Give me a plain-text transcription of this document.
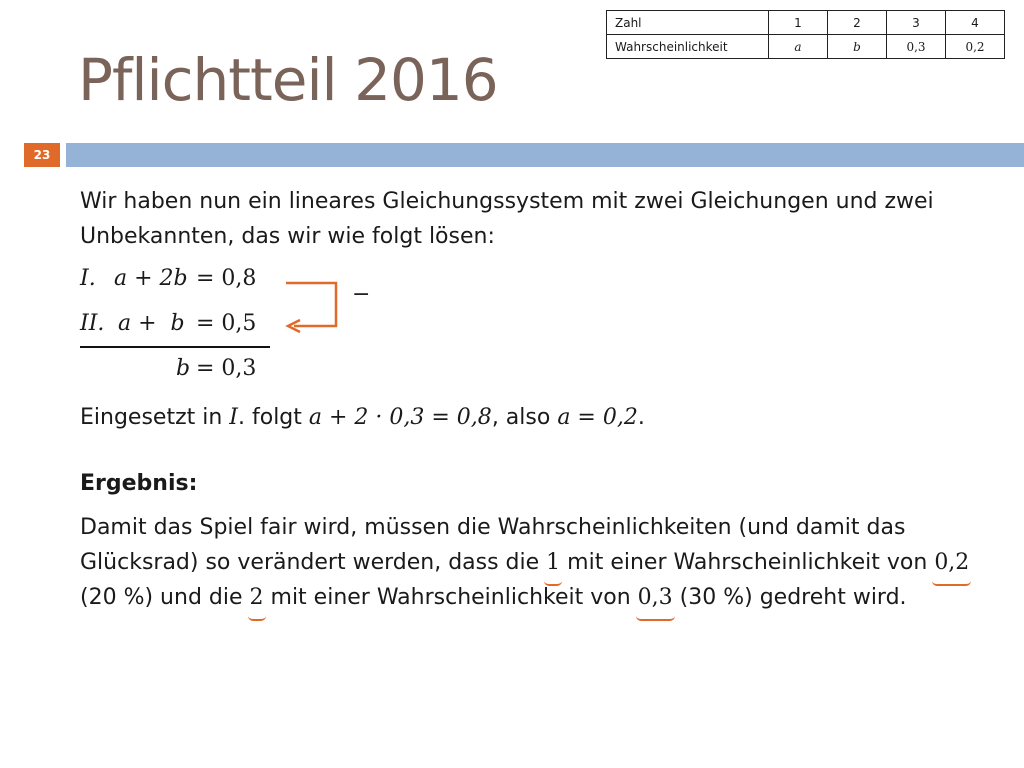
Pflichtteil 2016
Zahl	1	2	3	4
Wahrscheinlichkeit	a	b	0,3	0,2
23
Wir haben nun ein lineares Gleichungssystem mit zwei Gleichungen und zwei Unbekannten, das wir wie folgt lösen:
I. a + 2b = 0,8
II. a +  b = 0,5
b = 0,3
−
Eingesetzt in I. folgt a + 2 · 0,3 = 0,8, also a = 0,2.
Ergebnis:
Damit das Spiel fair wird, müssen die Wahrscheinlichkeiten (und damit das Glücksrad) so verändert werden, dass die 1 mit einer Wahrscheinlichkeit von 0,2 (20 %) und die 2 mit einer Wahrscheinlichkeit von 0,3 (30 %) gedreht wird.
